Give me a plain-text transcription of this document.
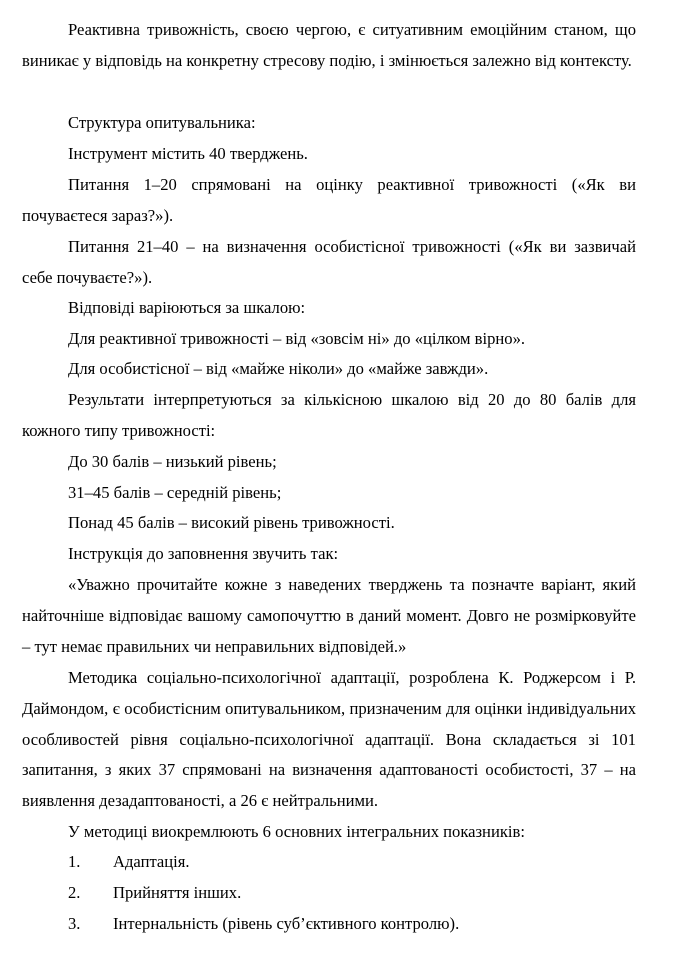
Реактивна тривожність, своєю чергою, є ситуативним емоційним станом, що виникає у відповідь на конкретну стресову подію, і змінюється залежно від контексту.

Структура опитувальника:

Інструмент містить 40 тверджень.

Питання 1–20 спрямовані на оцінку реактивної тривожності («Як ви почуваєтеся зараз?»).

Питання 21–40 – на визначення особистісної тривожності («Як ви зазвичай себе почуваєте?»).

Відповіді варіюються за шкалою:

Для реактивної тривожності – від «зовсім ні» до «цілком вірно».

Для особистісної – від «майже ніколи» до «майже завжди».

Результати інтерпретуються за кількісною шкалою від 20 до 80 балів для кожного типу тривожності:

До 30 балів – низький рівень;

31–45 балів – середній рівень;

Понад 45 балів – високий рівень тривожності.

Інструкція до заповнення звучить так:

«Уважно прочитайте кожне з наведених тверджень та позначте варіант, який найточніше відповідає вашому самопочуттю в даний момент. Довго не розмірковуйте – тут немає правильних чи неправильних відповідей.»

Методика соціально-психологічної адаптації, розроблена К. Роджерсом і Р. Даймондом, є особистісним опитувальником, призначеним для оцінки індивідуальних особливостей рівня соціально-психологічної адаптації. Вона складається зі 101 запитання, з яких 37 спрямовані на визначення адаптованості особистості, 37 – на виявлення дезадаптованості, а 26 є нейтральними.

У методиці виокремлюють 6 основних інтегральних показників:

1. Адаптація.
2. Прийняття інших.
3. Інтернальність (рівень суб’єктивного контролю).
